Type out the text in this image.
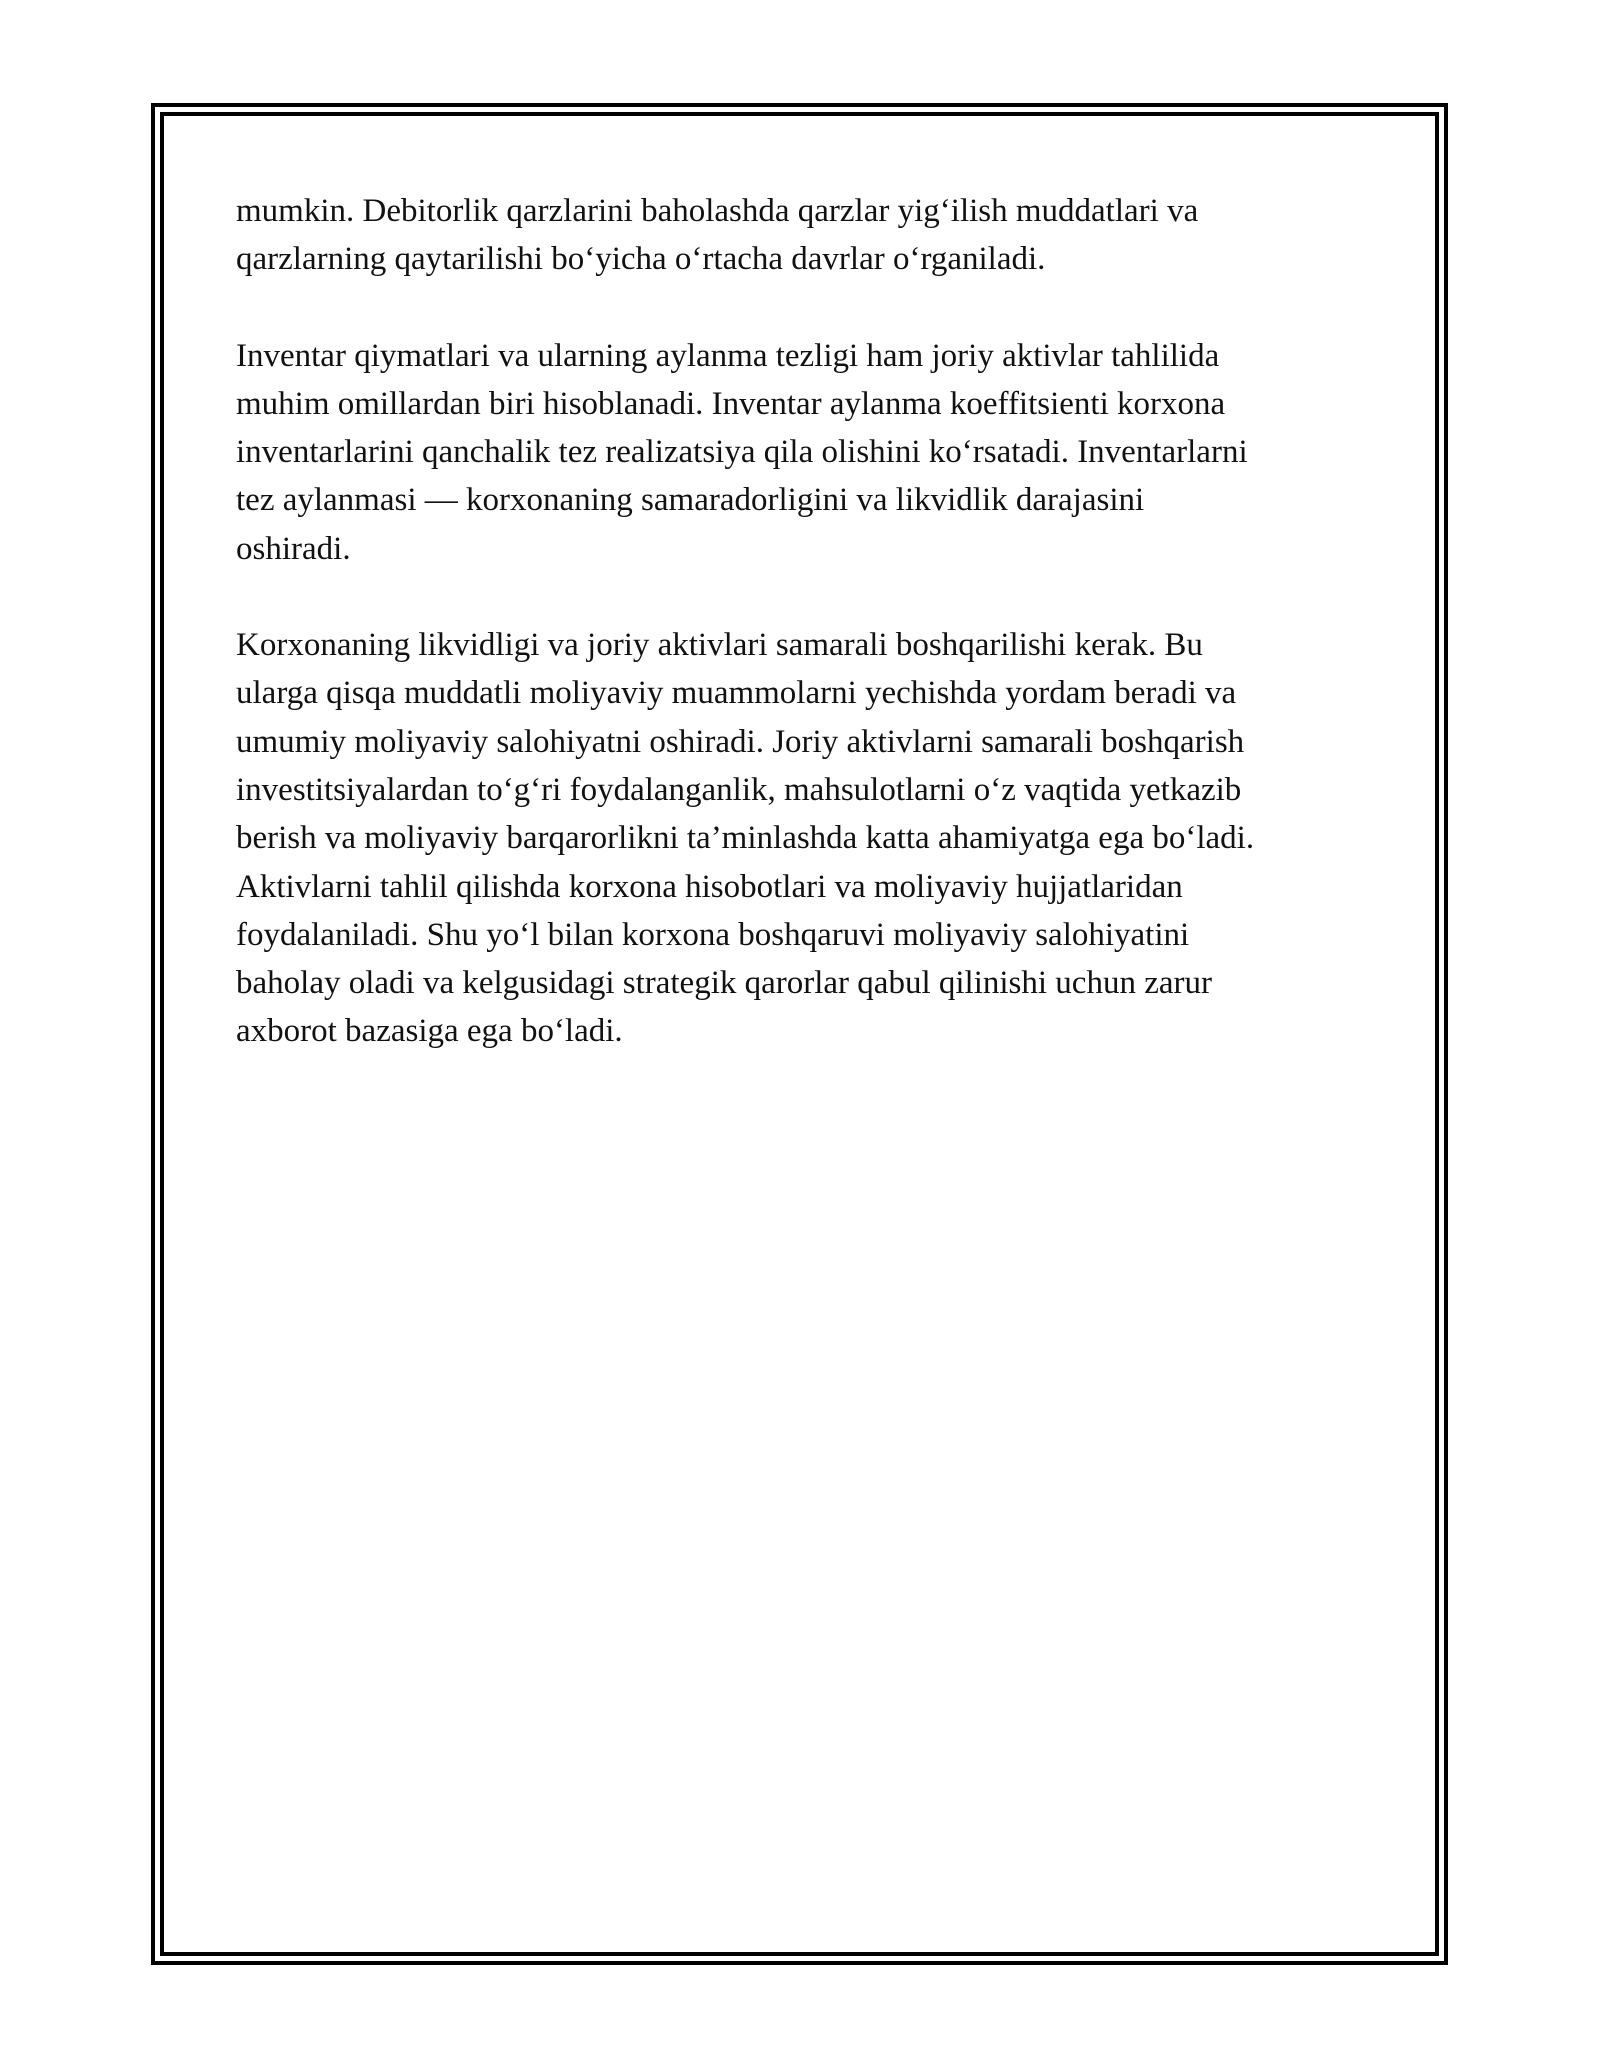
mumkin. Debitorlik qarzlarini baholashda qarzlar yig‘ilish muddatlari va
qarzlarning qaytarilishi bo‘yicha o‘rtacha davrlar o‘rganiladi.

Inventar qiymatlari va ularning aylanma tezligi ham joriy aktivlar tahlilida
muhim omillardan biri hisoblanadi. Inventar aylanma koeffitsienti korxona
inventarlarini qanchalik tez realizatsiya qila olishini ko‘rsatadi. Inventarlarni
tez aylanmasi — korxonaning samaradorligini va likvidlik darajasini
oshiradi.

Korxonaning likvidligi va joriy aktivlari samarali boshqarilishi kerak. Bu
ularga qisqa muddatli moliyaviy muammolarni yechishda yordam beradi va
umumiy moliyaviy salohiyatni oshiradi. Joriy aktivlarni samarali boshqarish
investitsiyalardan to‘g‘ri foydalanganlik, mahsulotlarni o‘z vaqtida yetkazib
berish va moliyaviy barqarorlikni ta’minlashda katta ahamiyatga ega bo‘ladi.
Aktivlarni tahlil qilishda korxona hisobotlari va moliyaviy hujjatlaridan
foydalaniladi. Shu yo‘l bilan korxona boshqaruvi moliyaviy salohiyatini
baholay oladi va kelgusidagi strategik qarorlar qabul qilinishi uchun zarur
axborot bazasiga ega bo‘ladi.
